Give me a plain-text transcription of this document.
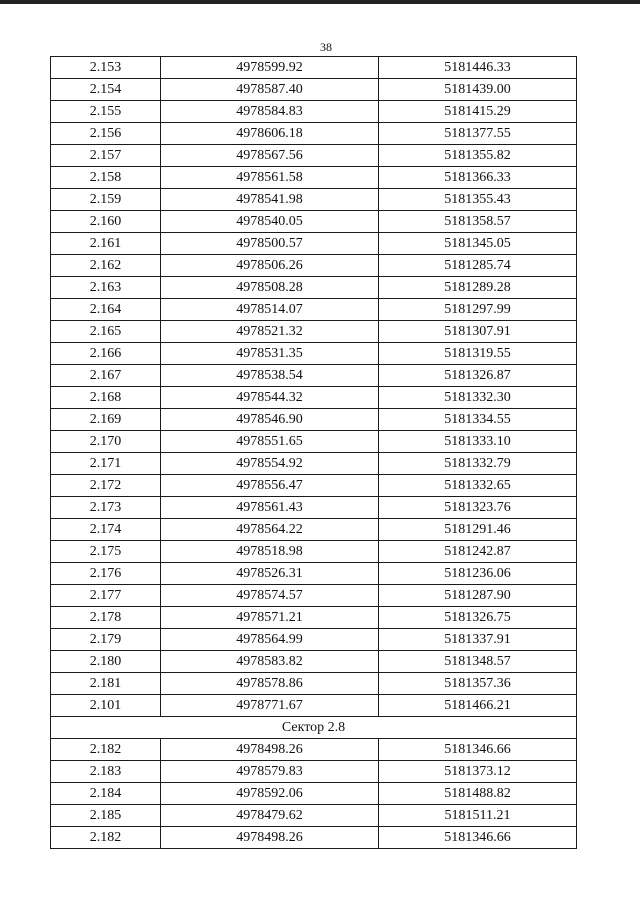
38
2.153	4978599.92	5181446.33
2.154	4978587.40	5181439.00
2.155	4978584.83	5181415.29
2.156	4978606.18	5181377.55
2.157	4978567.56	5181355.82
2.158	4978561.58	5181366.33
2.159	4978541.98	5181355.43
2.160	4978540.05	5181358.57
2.161	4978500.57	5181345.05
2.162	4978506.26	5181285.74
2.163	4978508.28	5181289.28
2.164	4978514.07	5181297.99
2.165	4978521.32	5181307.91
2.166	4978531.35	5181319.55
2.167	4978538.54	5181326.87
2.168	4978544.32	5181332.30
2.169	4978546.90	5181334.55
2.170	4978551.65	5181333.10
2.171	4978554.92	5181332.79
2.172	4978556.47	5181332.65
2.173	4978561.43	5181323.76
2.174	4978564.22	5181291.46
2.175	4978518.98	5181242.87
2.176	4978526.31	5181236.06
2.177	4978574.57	5181287.90
2.178	4978571.21	5181326.75
2.179	4978564.99	5181337.91
2.180	4978583.82	5181348.57
2.181	4978578.86	5181357.36
2.101	4978771.67	5181466.21
Сектор 2.8		
2.182	4978498.26	5181346.66
2.183	4978579.83	5181373.12
2.184	4978592.06	5181488.82
2.185	4978479.62	5181511.21
2.182	4978498.26	5181346.66
